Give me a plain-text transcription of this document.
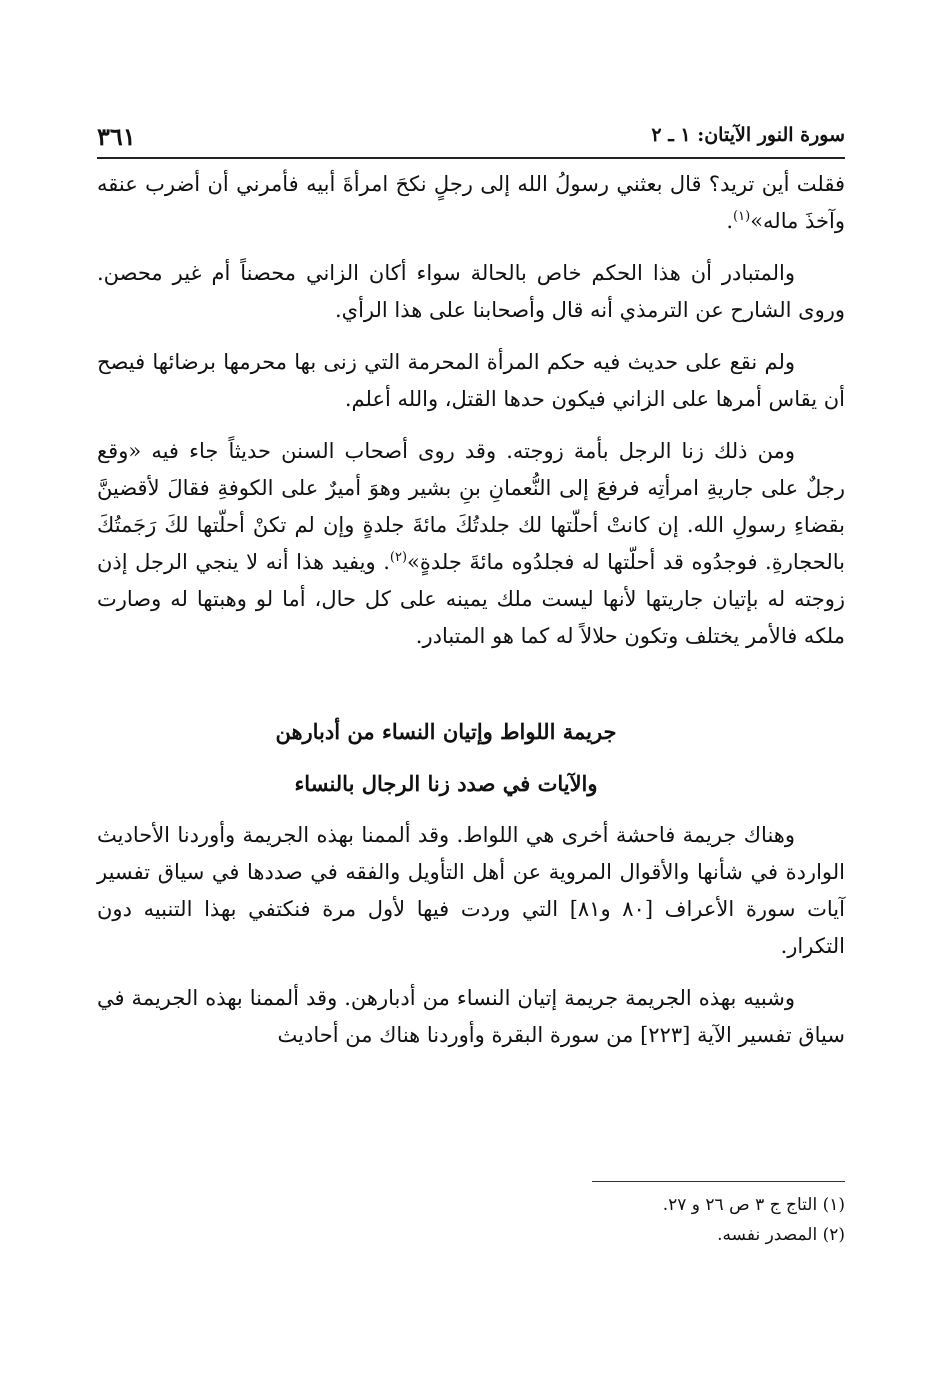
سورة النور الآيتان: ١ ـ ٢
٣٦١

فقلت أين تريد؟ قال بعثني رسولُ الله إلى رجلٍ نكحَ امرأةَ أبيه فأمرني أن أضرب عنقه وآخذَ ماله»$^{(١)}$.

والمتبادر أن هذا الحكم خاص بالحالة سواء أكان الزاني محصناً أم غير محصن. وروى الشارح عن الترمذي أنه قال وأصحابنا على هذا الرأي.

ولم نقع على حديث فيه حكم المرأة المحرمة التي زنى بها محرمها برضائها فيصح أن يقاس أمرها على الزاني فيكون حدها القتل، والله أعلم.

ومن ذلك زنا الرجل بأمة زوجته. وقد روى أصحاب السنن حديثاً جاء فيه «وقع رجلٌ على جاريةِ امرأتِه فرفعَ إلى النُّعمانِ بنِ بشير وهوَ أميرٌ على الكوفةِ فقالَ لأقضينَّ بقضاءِ رسولِ الله. إن كانتْ أحلّتها لك جلدتُكَ مائةَ جلدةٍ وإن لم تكنْ أحلّتها لكَ رَجَمتُكَ بالحجارةِ. فوجدُوه قد أحلّتها له فجلدُوه مائةَ جلدةٍ»$^{(٢)}$. ويفيد هذا أنه لا ينجي الرجل إذن زوجته له بإتيان جاريتها لأنها ليست ملك يمينه على كل حال، أما لو وهبتها له وصارت ملكه فالأمر يختلف وتكون حلالاً له كما هو المتبادر.

جريمة اللواط وإتيان النساء من أدبارهن

والآيات في صدد زنا الرجال بالنساء

وهناك جريمة فاحشة أخرى هي اللواط. وقد ألممنا بهذه الجريمة وأوردنا الأحاديث الواردة في شأنها والأقوال المروية عن أهل التأويل والفقه في صددها في سياق تفسير آيات سورة الأعراف [٨٠ و٨١] التي وردت فيها لأول مرة فنكتفي بهذا التنبيه دون التكرار.

وشبيه بهذه الجريمة جريمة إتيان النساء من أدبارهن. وقد ألممنا بهذه الجريمة في سياق تفسير الآية [٢٢٣] من سورة البقرة وأوردنا هناك من أحاديث

(١) التاج ج ٣ ص ٢٦ و ٢٧.
(٢) المصدر نفسه.
